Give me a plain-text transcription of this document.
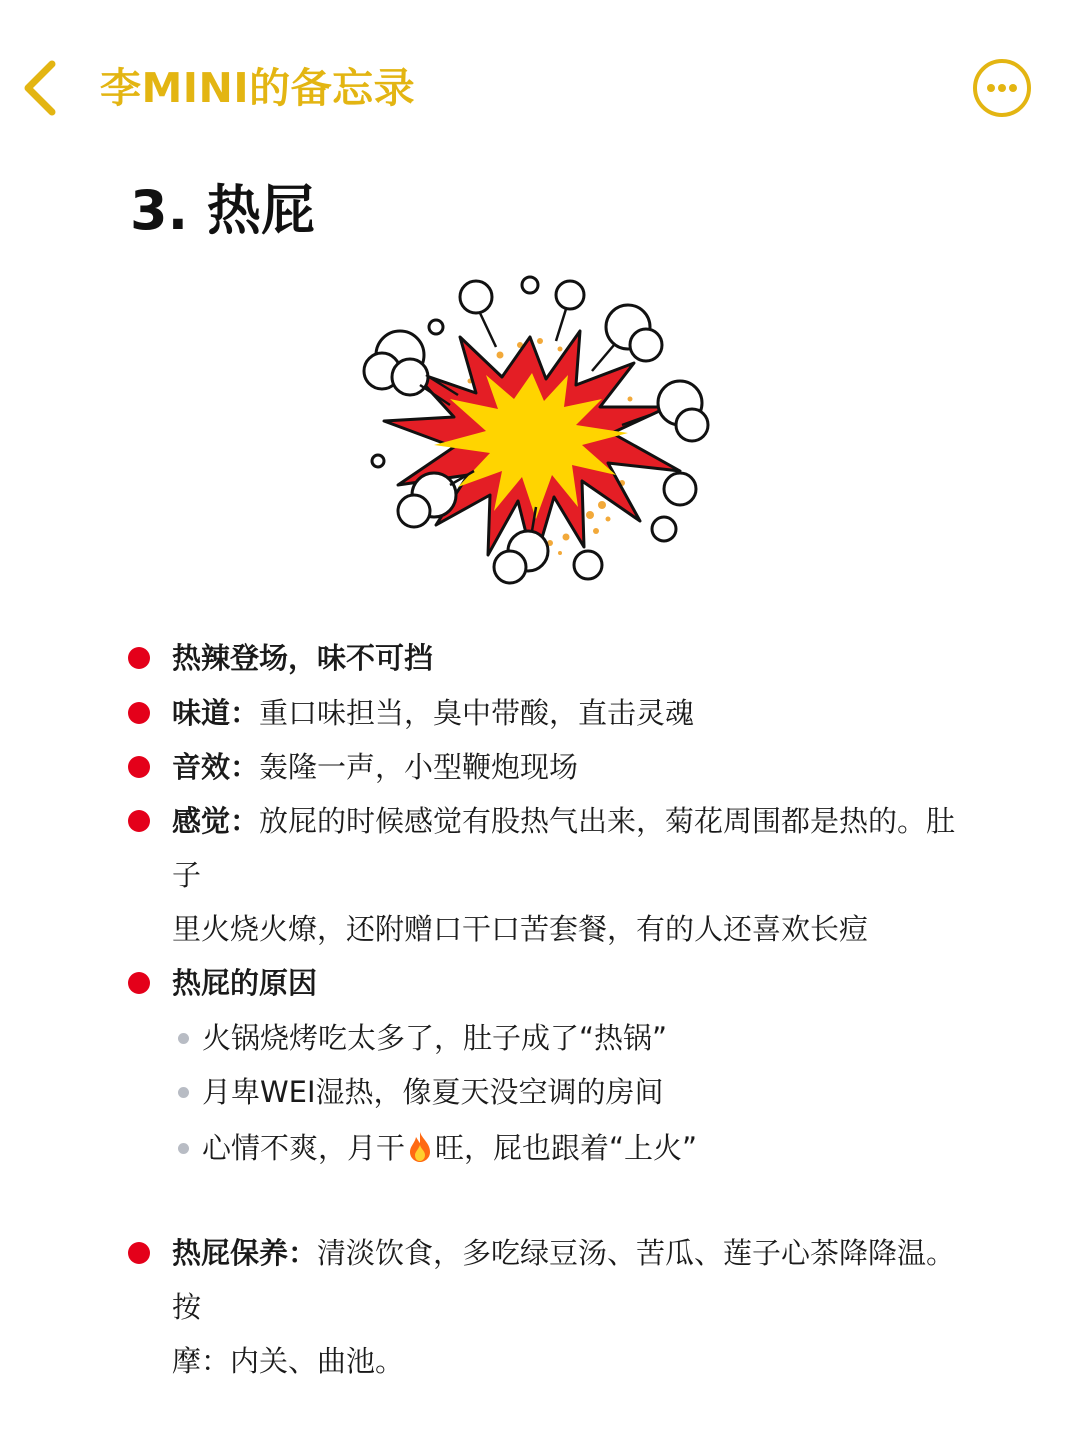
李MINI的备忘录
3. 热屁
热辣登场，味不可挡
味道：重口味担当，臭中带酸，直击灵魂
音效：轰隆一声，小型鞭炮现场
感觉：放屁的时候感觉有股热气出来，菊花周围都是热的。肚子
里火烧火燎，还附赠口干口苦套餐，有的人还喜欢长痘
热屁的原因
火锅烧烤吃太多了，肚子成了“热锅”
月卑WEI湿热，像夏天没空调的房间
心情不爽，月干 旺，屁也跟着“上火”
热屁保养：清淡饮食，多吃绿豆汤、苦瓜、莲子心茶降降温。按
摩：内关、曲池。
